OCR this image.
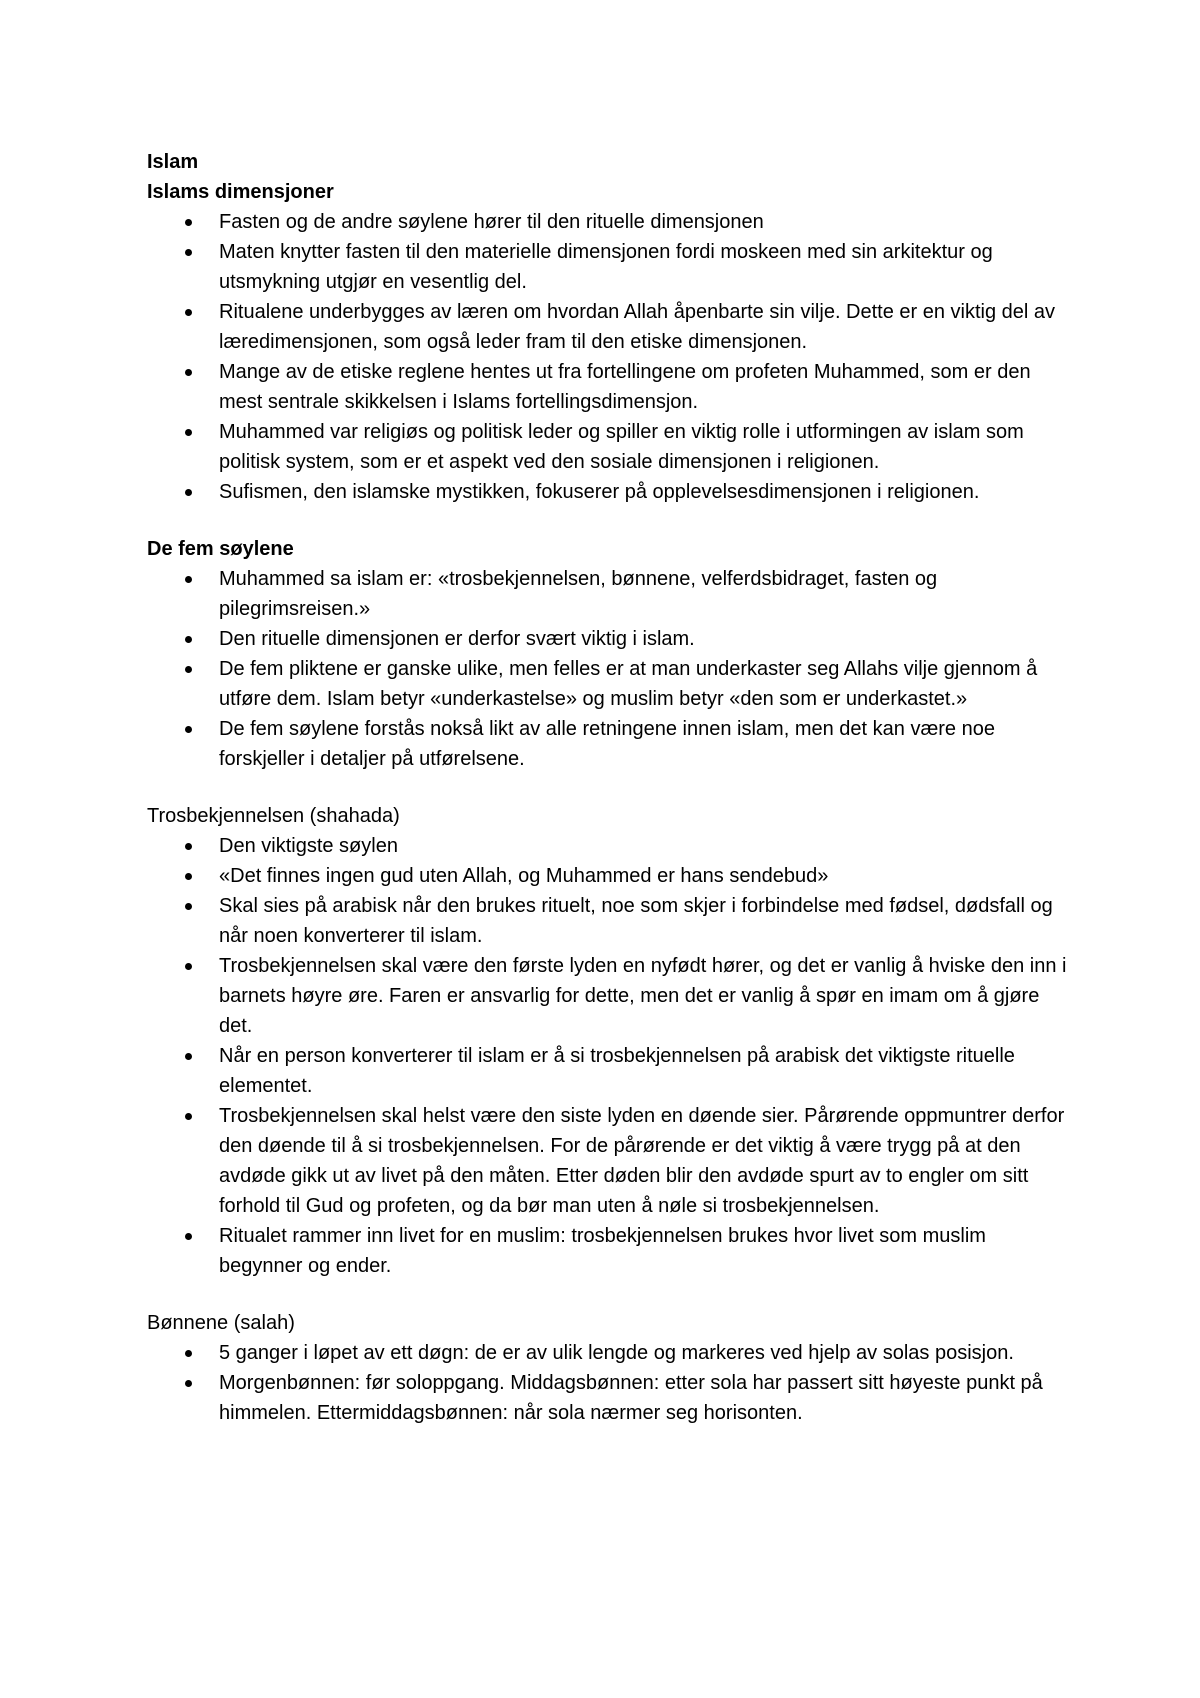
Islam

Islams dimensjoner

Fasten og de andre søylene hører til den rituelle dimensjonen
Maten knytter fasten til den materielle dimensjonen fordi moskeen med sin arkitektur og utsmykning utgjør en vesentlig del.
Ritualene underbygges av læren om hvordan Allah åpenbarte sin vilje. Dette er en viktig del av læredimensjonen, som også leder fram til den etiske dimensjonen.
Mange av de etiske reglene hentes ut fra fortellingene om profeten Muhammed, som er den mest sentrale skikkelsen i Islams fortellingsdimensjon.
Muhammed var religiøs og politisk leder og spiller en viktig rolle i utformingen av islam som politisk system, som er et aspekt ved den sosiale dimensjonen i religionen.
Sufismen, den islamske mystikken, fokuserer på opplevelsesdimensjonen i religionen.

De fem søylene

Muhammed sa islam er: «trosbekjennelsen, bønnene, velferdsbidraget, fasten og pilegrimsreisen.»
Den rituelle dimensjonen er derfor svært viktig i islam.
De fem pliktene er ganske ulike, men felles er at man underkaster seg Allahs vilje gjennom å utføre dem. Islam betyr «underkastelse» og muslim betyr «den som er underkastet.»
De fem søylene forstås nokså likt av alle retningene innen islam, men det kan være noe forskjeller i detaljer på utførelsene.

Trosbekjennelsen (shahada)

Den viktigste søylen
«Det finnes ingen gud uten Allah, og Muhammed er hans sendebud»
Skal sies på arabisk når den brukes rituelt, noe som skjer i forbindelse med fødsel, dødsfall og når noen konverterer til islam.
Trosbekjennelsen skal være den første lyden en nyfødt hører, og det er vanlig å hviske den inn i barnets høyre øre. Faren er ansvarlig for dette, men det er vanlig å spør en imam om å gjøre det.
Når en person konverterer til islam er å si trosbekjennelsen på arabisk det viktigste rituelle elementet.
Trosbekjennelsen skal helst være den siste lyden en døende sier. Pårørende oppmuntrer derfor den døende til å si trosbekjennelsen. For de pårørende er det viktig å være trygg på at den avdøde gikk ut av livet på den måten. Etter døden blir den avdøde spurt av to engler om sitt forhold til Gud og profeten, og da bør man uten å nøle si trosbekjennelsen.
Ritualet rammer inn livet for en muslim: trosbekjennelsen brukes hvor livet som muslim begynner og ender.

Bønnene (salah)

5 ganger i løpet av ett døgn: de er av ulik lengde og markeres ved hjelp av solas posisjon.
Morgenbønnen: før soloppgang. Middagsbønnen: etter sola har passert sitt høyeste punkt på himmelen. Ettermiddagsbønnen: når sola nærmer seg horisonten.
